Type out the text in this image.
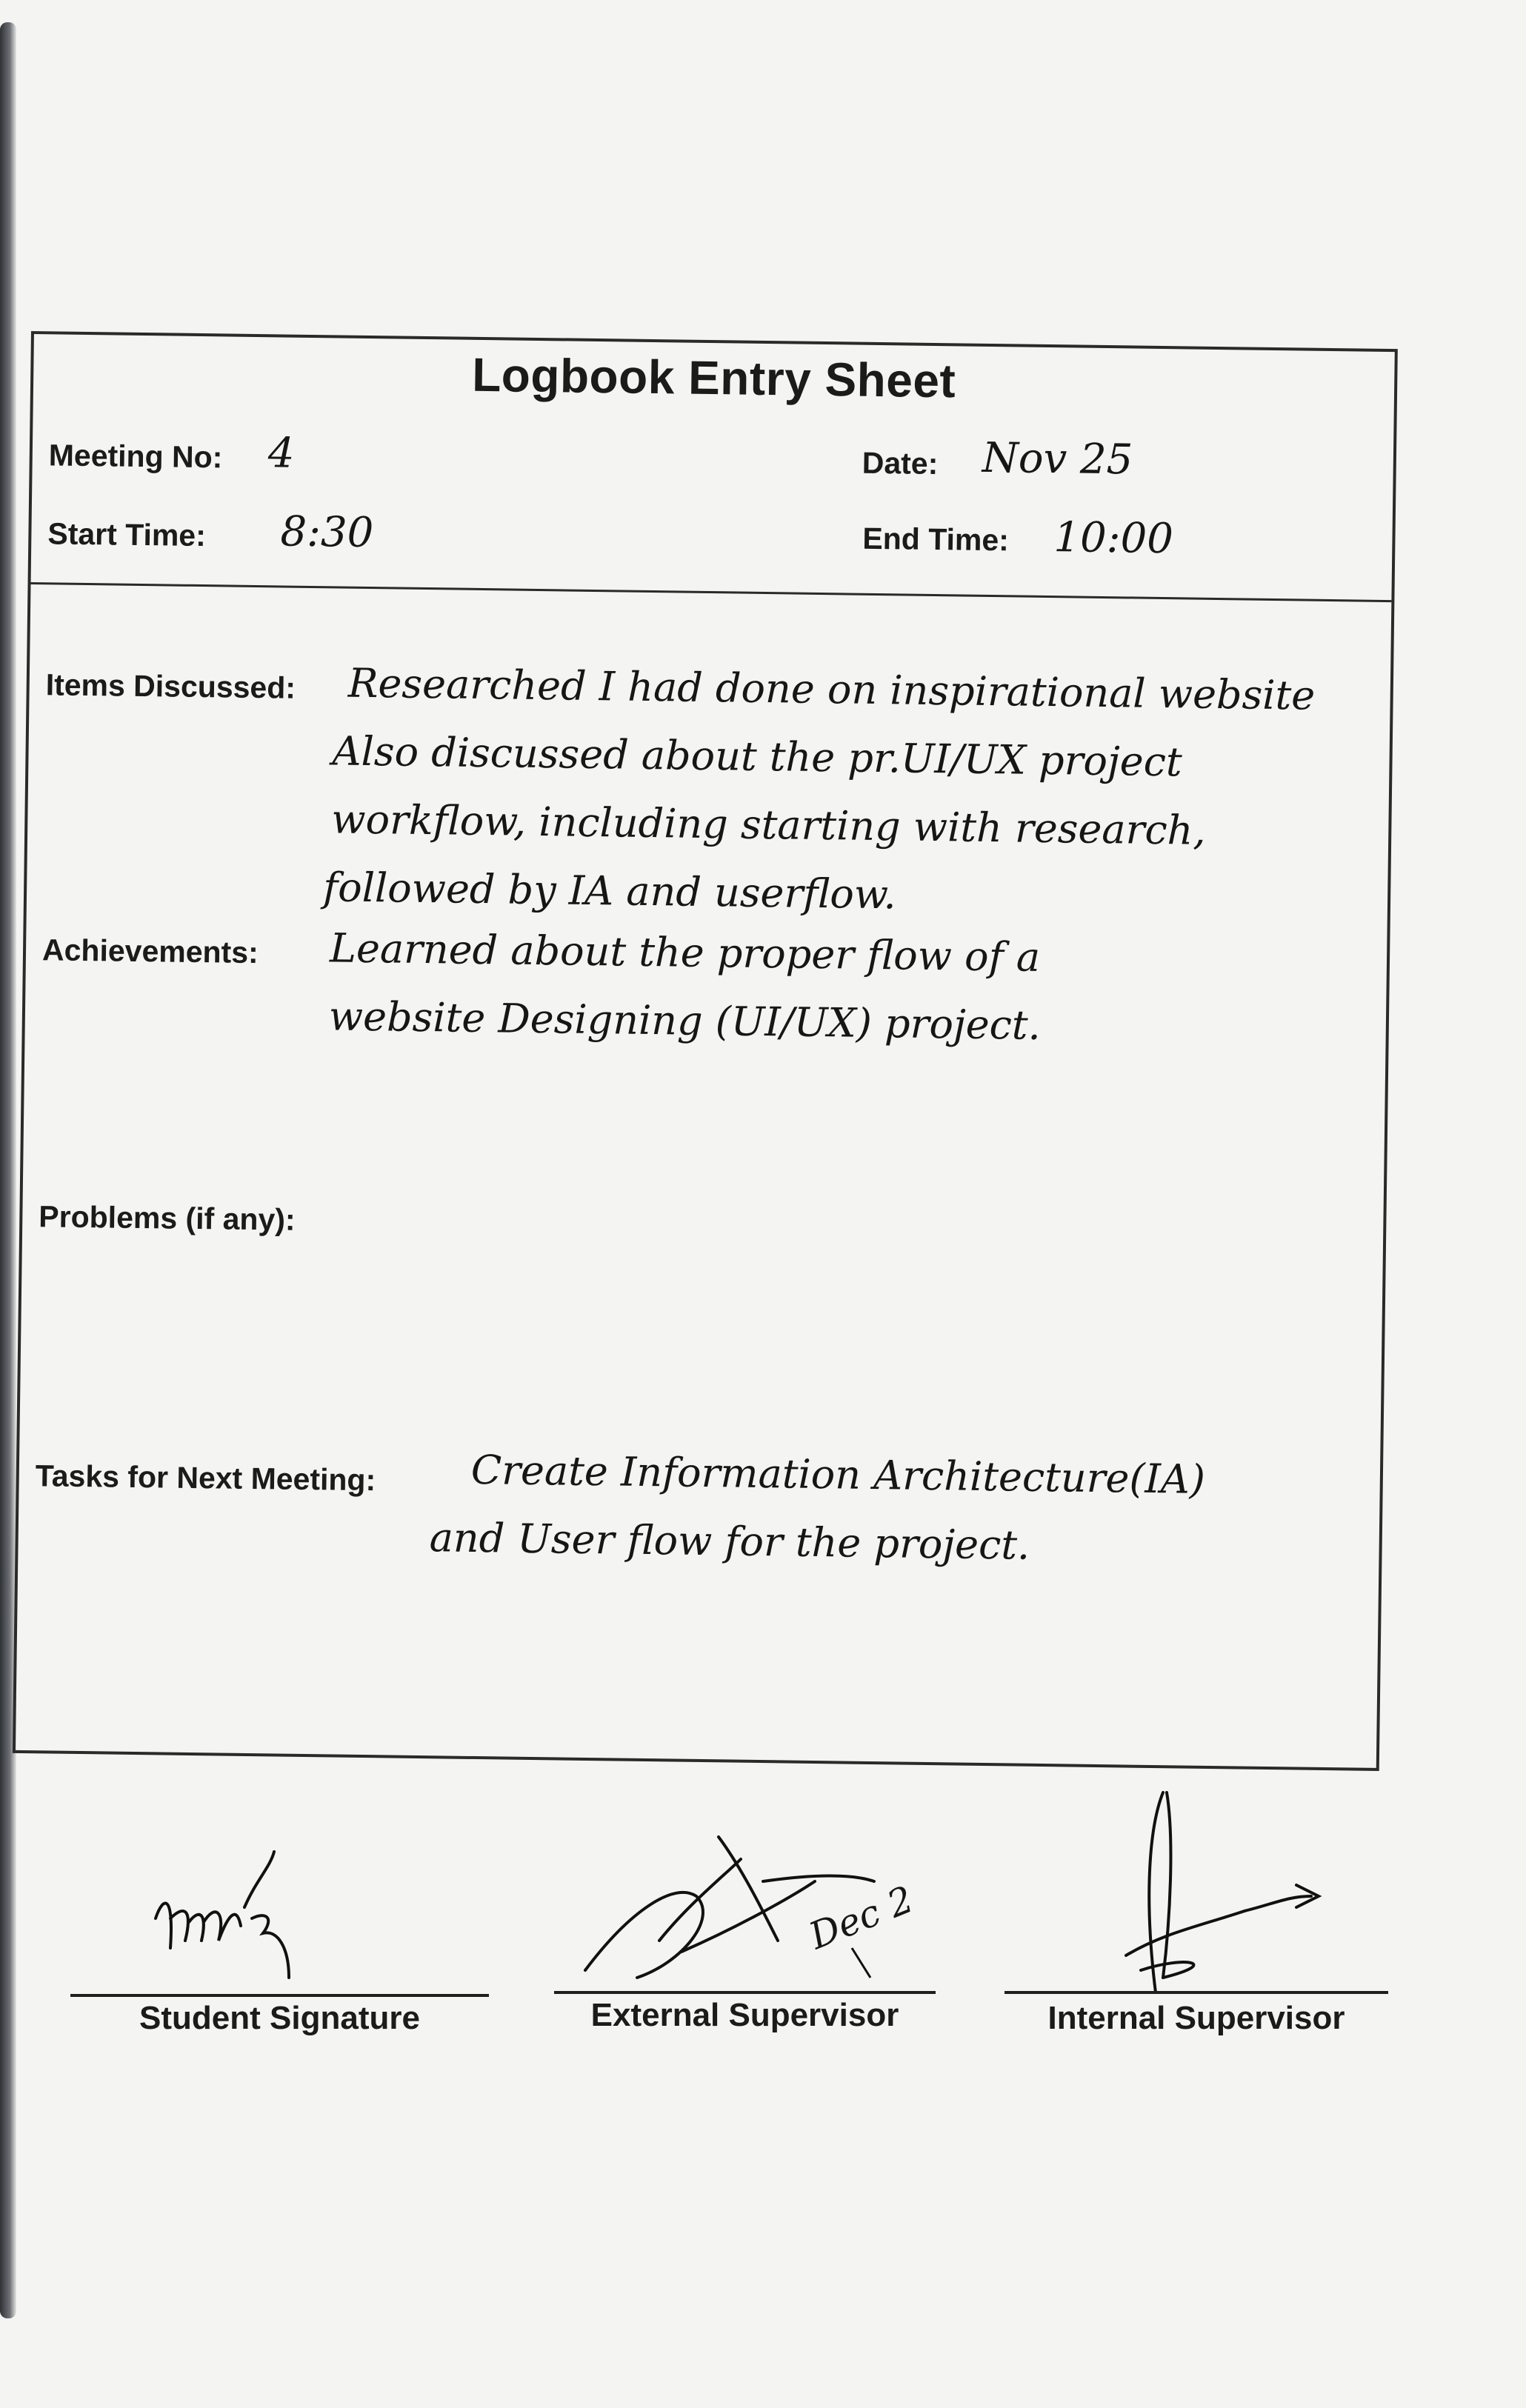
Logbook Entry Sheet
Meeting No: 4	Date: Nov 25
Start Time: 8:30	End Time: 10:00
Items Discussed: Researched I had done on inspirational website
Also discussed about the pr.UI/UX project
workflow, including starting with research,
followed by IA and userflow.
Achievements: Learned about the proper flow of a
website Designing (UI/UX) project.
Problems (if any):
Tasks for Next Meeting: Create Information Architecture(IA)
and User flow for the project.
Dec 2
Student Signature	External Supervisor	Internal Supervisor
